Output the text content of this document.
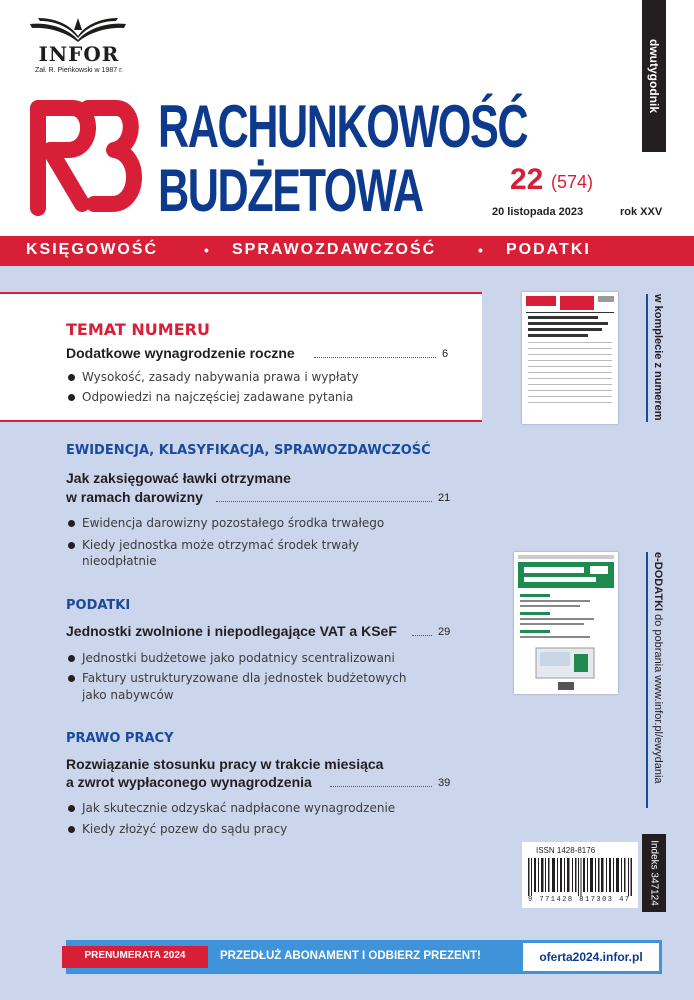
INFOR
Zał. R. Pieńkowski w 1987 r.
RACHUNKOWOŚĆ
BUDŻETOWA	22 (574)
20 listopada 2023	rok XXV
dwutygodnik
KSIĘGOWOŚĆ	• SPRAWOZDAWCZOŚĆ	• PODATKI
TEMAT NUMERU
Dodatkowe wynagrodzenie roczne	6
Wysokość, zasady nabywania prawa i wypłaty
Odpowiedzi na najczęściej zadawane pytania
EWIDENCJA, KLASYFIKACJA, SPRAWOZDAWCZOŚĆ
Jak zaksięgować ławki otrzymane
w ramach darowizny	21
Ewidencja darowizny pozostałego środka trwałego
Kiedy jednostka może otrzymać środek trwały
nieodpłatnie
PODATKI
Jednostki zwolnione i niepodlegające VAT a KSeF	29
Jednostki budżetowe jako podatnicy scentralizowani
Faktury ustrukturyzowane dla jednostek budżetowych
jako nabywców
PRAWO PRACY
Rozwiązanie stosunku pracy w trakcie miesiąca
a zwrot wypłaconego wynagrodzenia	39
Jak skutecznie odzyskać nadpłacone wynagrodzenie
Kiedy złożyć pozew do sądu pracy
w komplecie z numerem
e-DODATKI do pobrania www.infor.pl/ewydania
ISSN 1428-8176
9 771428 817303 47 Indeks 347124
PRENUMERATA 2024	PRZEDŁUŻ ABONAMENT I ODBIERZ PREZENT!	oferta2024.infor.pl
